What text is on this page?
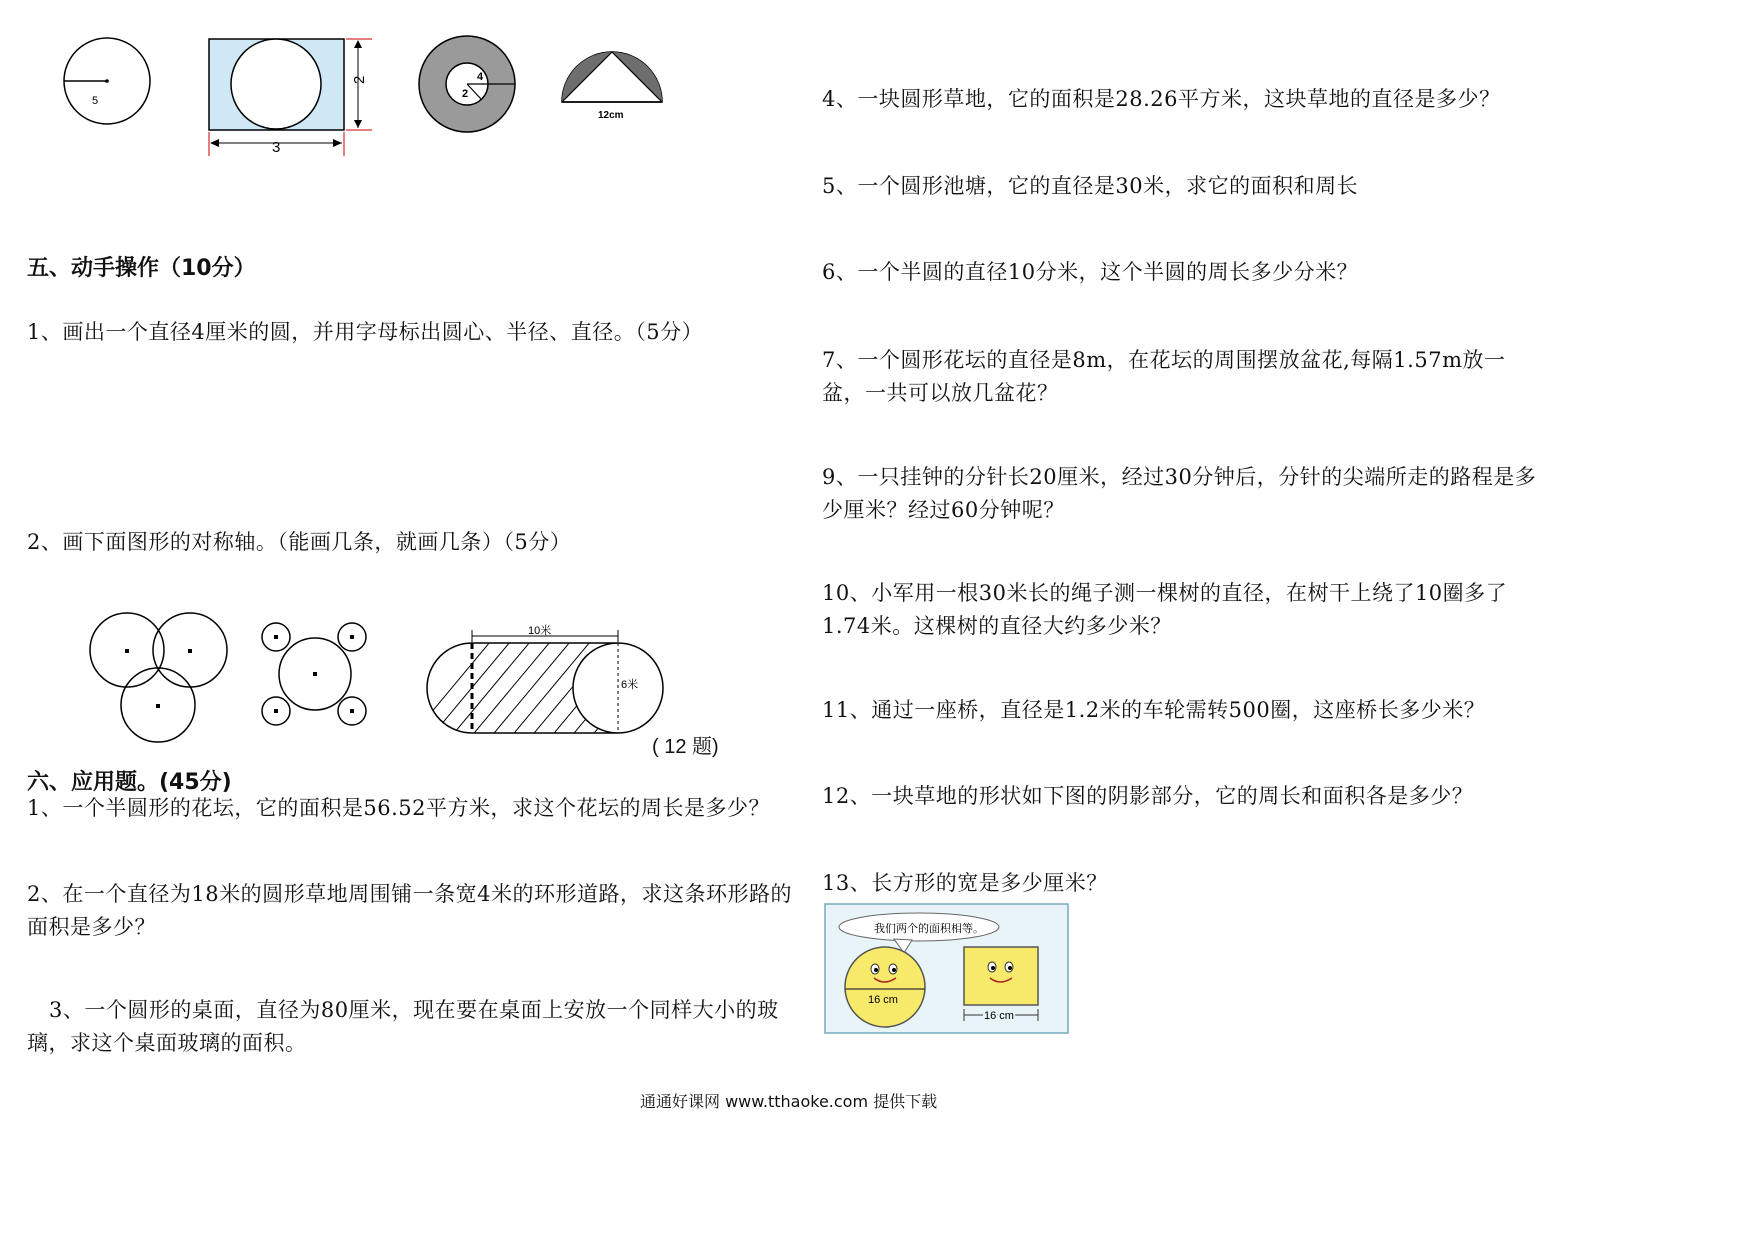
5
2
3
4
2
12cm
五、动手操作（10分）
1、画出一个直径4厘米的圆，并用字母标出圆心、半径、直径。（5分）
2、画下面图形的对称轴。（能画几条，就画几条）（5分）
10米
6米
( 12 题)
六、应用题。(45分)
1、一个半圆形的花坛，它的面积是56.52平方米，求这个花坛的周长是多少？
2、在一个直径为18米的圆形草地周围铺一条宽4米的环形道路，求这条环形路的面积是多少？
3、一个圆形的桌面，直径为80厘米，现在要在桌面上安放一个同样大小的玻璃，求这个桌面玻璃的面积。
4、一块圆形草地，它的面积是28.26平方米，这块草地的直径是多少？
5、一个圆形池塘，它的直径是30米，求它的面积和周长
6、一个半圆的直径10分米，这个半圆的周长多少分米？
7、一个圆形花坛的直径是8m，在花坛的周围摆放盆花,每隔1.57m放一盆，一共可以放几盆花？
9、一只挂钟的分针长20厘米，经过30分钟后，分针的尖端所走的路程是多少厘米？经过60分钟呢？
10、小军用一根30米长的绳子测一棵树的直径，在树干上绕了10圈多了1.74米。这棵树的直径大约多少米？
11、通过一座桥，直径是1.2米的车轮需转500圈，这座桥长多少米？
12、一块草地的形状如下图的阴影部分，它的周长和面积各是多少？
13、长方形的宽是多少厘米？
我们两个的面积相等。
16 cm
16 cm
通通好课网 www.tthaoke.com 提供下载
